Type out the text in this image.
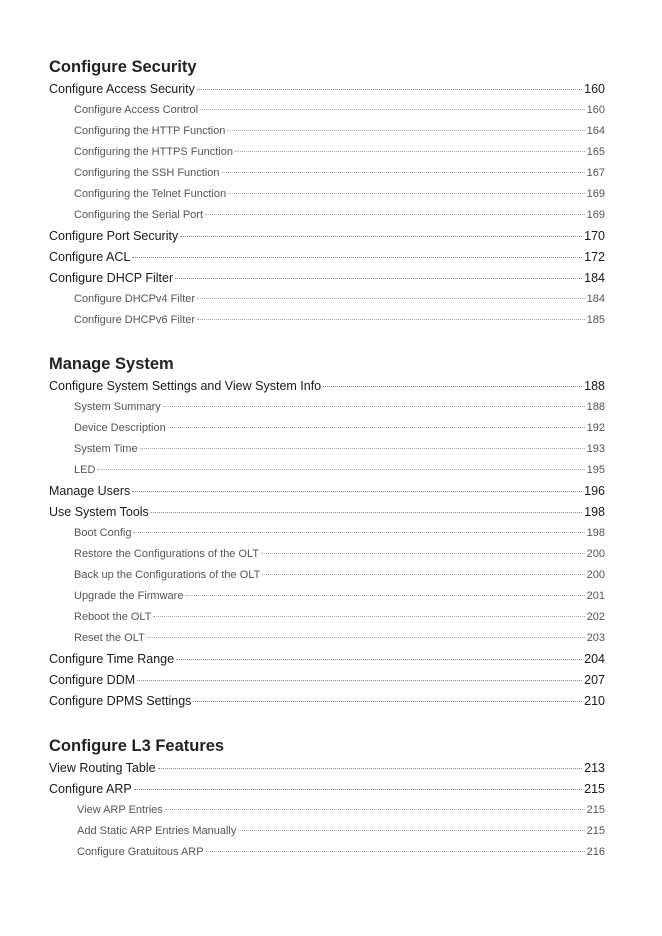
Configure Security
Configure Access Security	160
Configure Access Control	160
Configuring the HTTP Function	164
Configuring the HTTPS Function	165
Configuring the SSH Function	167
Configuring the Telnet Function	169
Configuring the Serial Port	169
Configure Port Security	170
Configure ACL	172
Configure DHCP Filter	184
Configure DHCPv4 Filter	184
Configure DHCPv6 Filter	185
Manage System
Configure System Settings and View System Info	188
System Summary	188
Device Description	192
System Time	193
LED	195
Manage Users	196
Use System Tools	198
Boot Config	198
Restore the Configurations of the OLT	200
Back up the Configurations of the OLT	200
Upgrade the Firmware	201
Reboot the OLT	202
Reset the OLT	203
Configure Time Range	204
Configure DDM	207
Configure DPMS Settings	210
Configure L3 Features
View Routing Table	213
Configure ARP	215
View ARP Entries	215
Add Static ARP Entries Manually	215
Configure Gratuitous ARP	216
